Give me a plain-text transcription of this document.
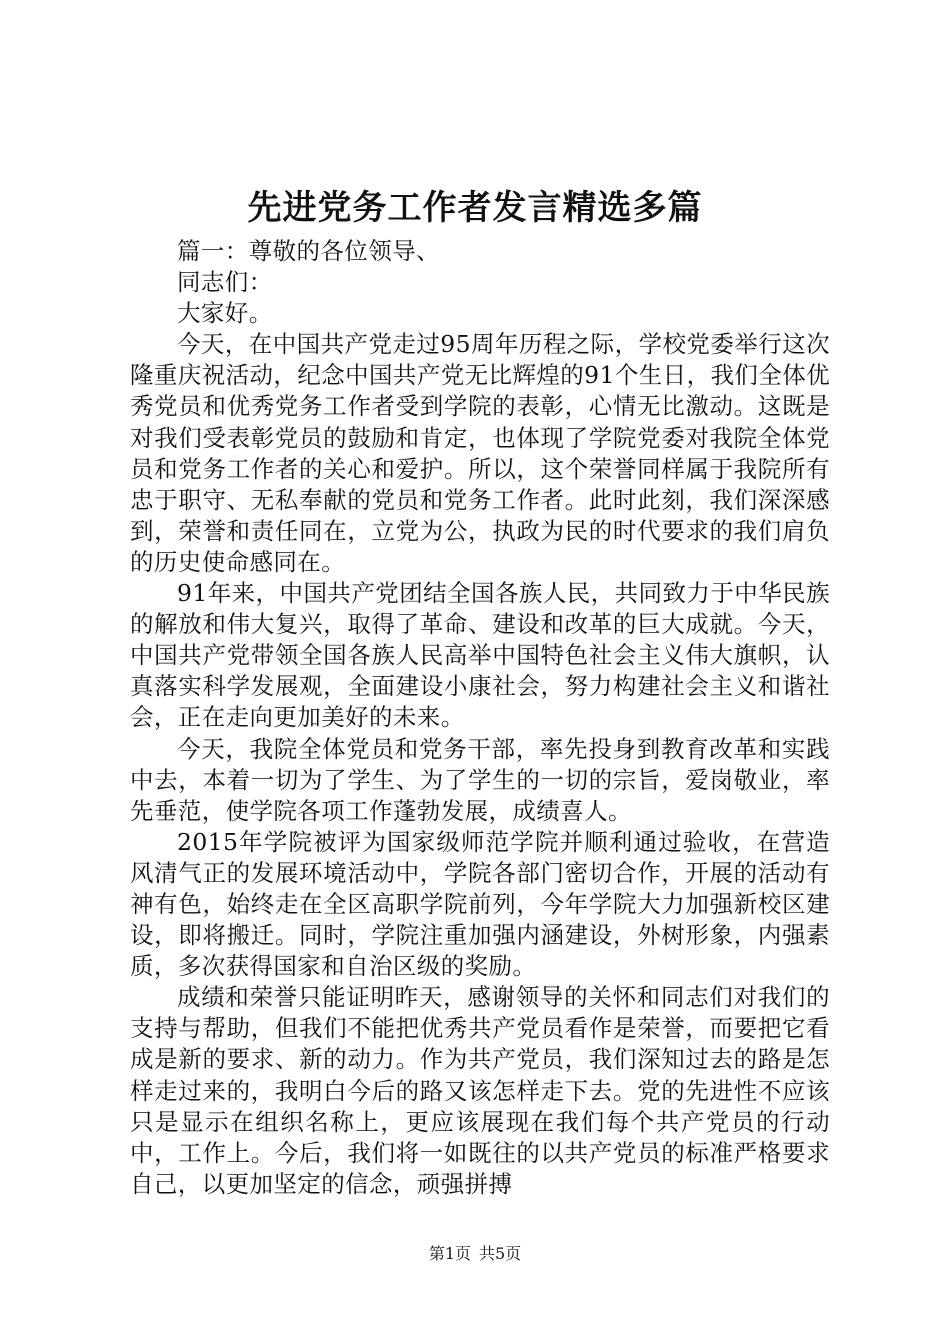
先进党务工作者发言精选多篇

篇一：尊敬的各位领导、

同志们：

大家好。

今天，在中国共产党走过95周年历程之际，学校党委举行这次隆重庆祝活动，纪念中国共产党无比辉煌的91个生日，我们全体优秀党员和优秀党务工作者受到学院的表彰，心情无比激动。这既是对我们受表彰党员的鼓励和肯定，也体现了学院党委对我院全体党员和党务工作者的关心和爱护。所以，这个荣誉同样属于我院所有忠于职守、无私奉献的党员和党务工作者。此时此刻，我们深深感到，荣誉和责任同在，立党为公，执政为民的时代要求的我们肩负的历史使命感同在。

91年来，中国共产党团结全国各族人民，共同致力于中华民族的解放和伟大复兴，取得了革命、建设和改革的巨大成就。今天，中国共产党带领全国各族人民高举中国特色社会主义伟大旗帜，认真落实科学发展观，全面建设小康社会，努力构建社会主义和谐社会，正在走向更加美好的未来。

今天，我院全体党员和党务干部，率先投身到教育改革和实践中去，本着一切为了学生、为了学生的一切的宗旨，爱岗敬业，率先垂范，使学院各项工作蓬勃发展，成绩喜人。

2015年学院被评为国家级师范学院并顺利通过验收，在营造风清气正的发展环境活动中，学院各部门密切合作，开展的活动有神有色，始终走在全区高职学院前列，今年学院大力加强新校区建设，即将搬迁。同时，学院注重加强内涵建设，外树形象，内强素质，多次获得国家和自治区级的奖励。

成绩和荣誉只能证明昨天，感谢领导的关怀和同志们对我们的支持与帮助，但我们不能把优秀共产党员看作是荣誉，而要把它看成是新的要求、新的动力。作为共产党员，我们深知过去的路是怎样走过来的，我明白今后的路又该怎样走下去。党的先进性不应该只是显示在组织名称上，更应该展现在我们每个共产党员的行动中，工作上。今后，我们将一如既往的以共产党员的标准严格要求自己，以更加坚定的信念，顽强拼搏

第1页 共5页
